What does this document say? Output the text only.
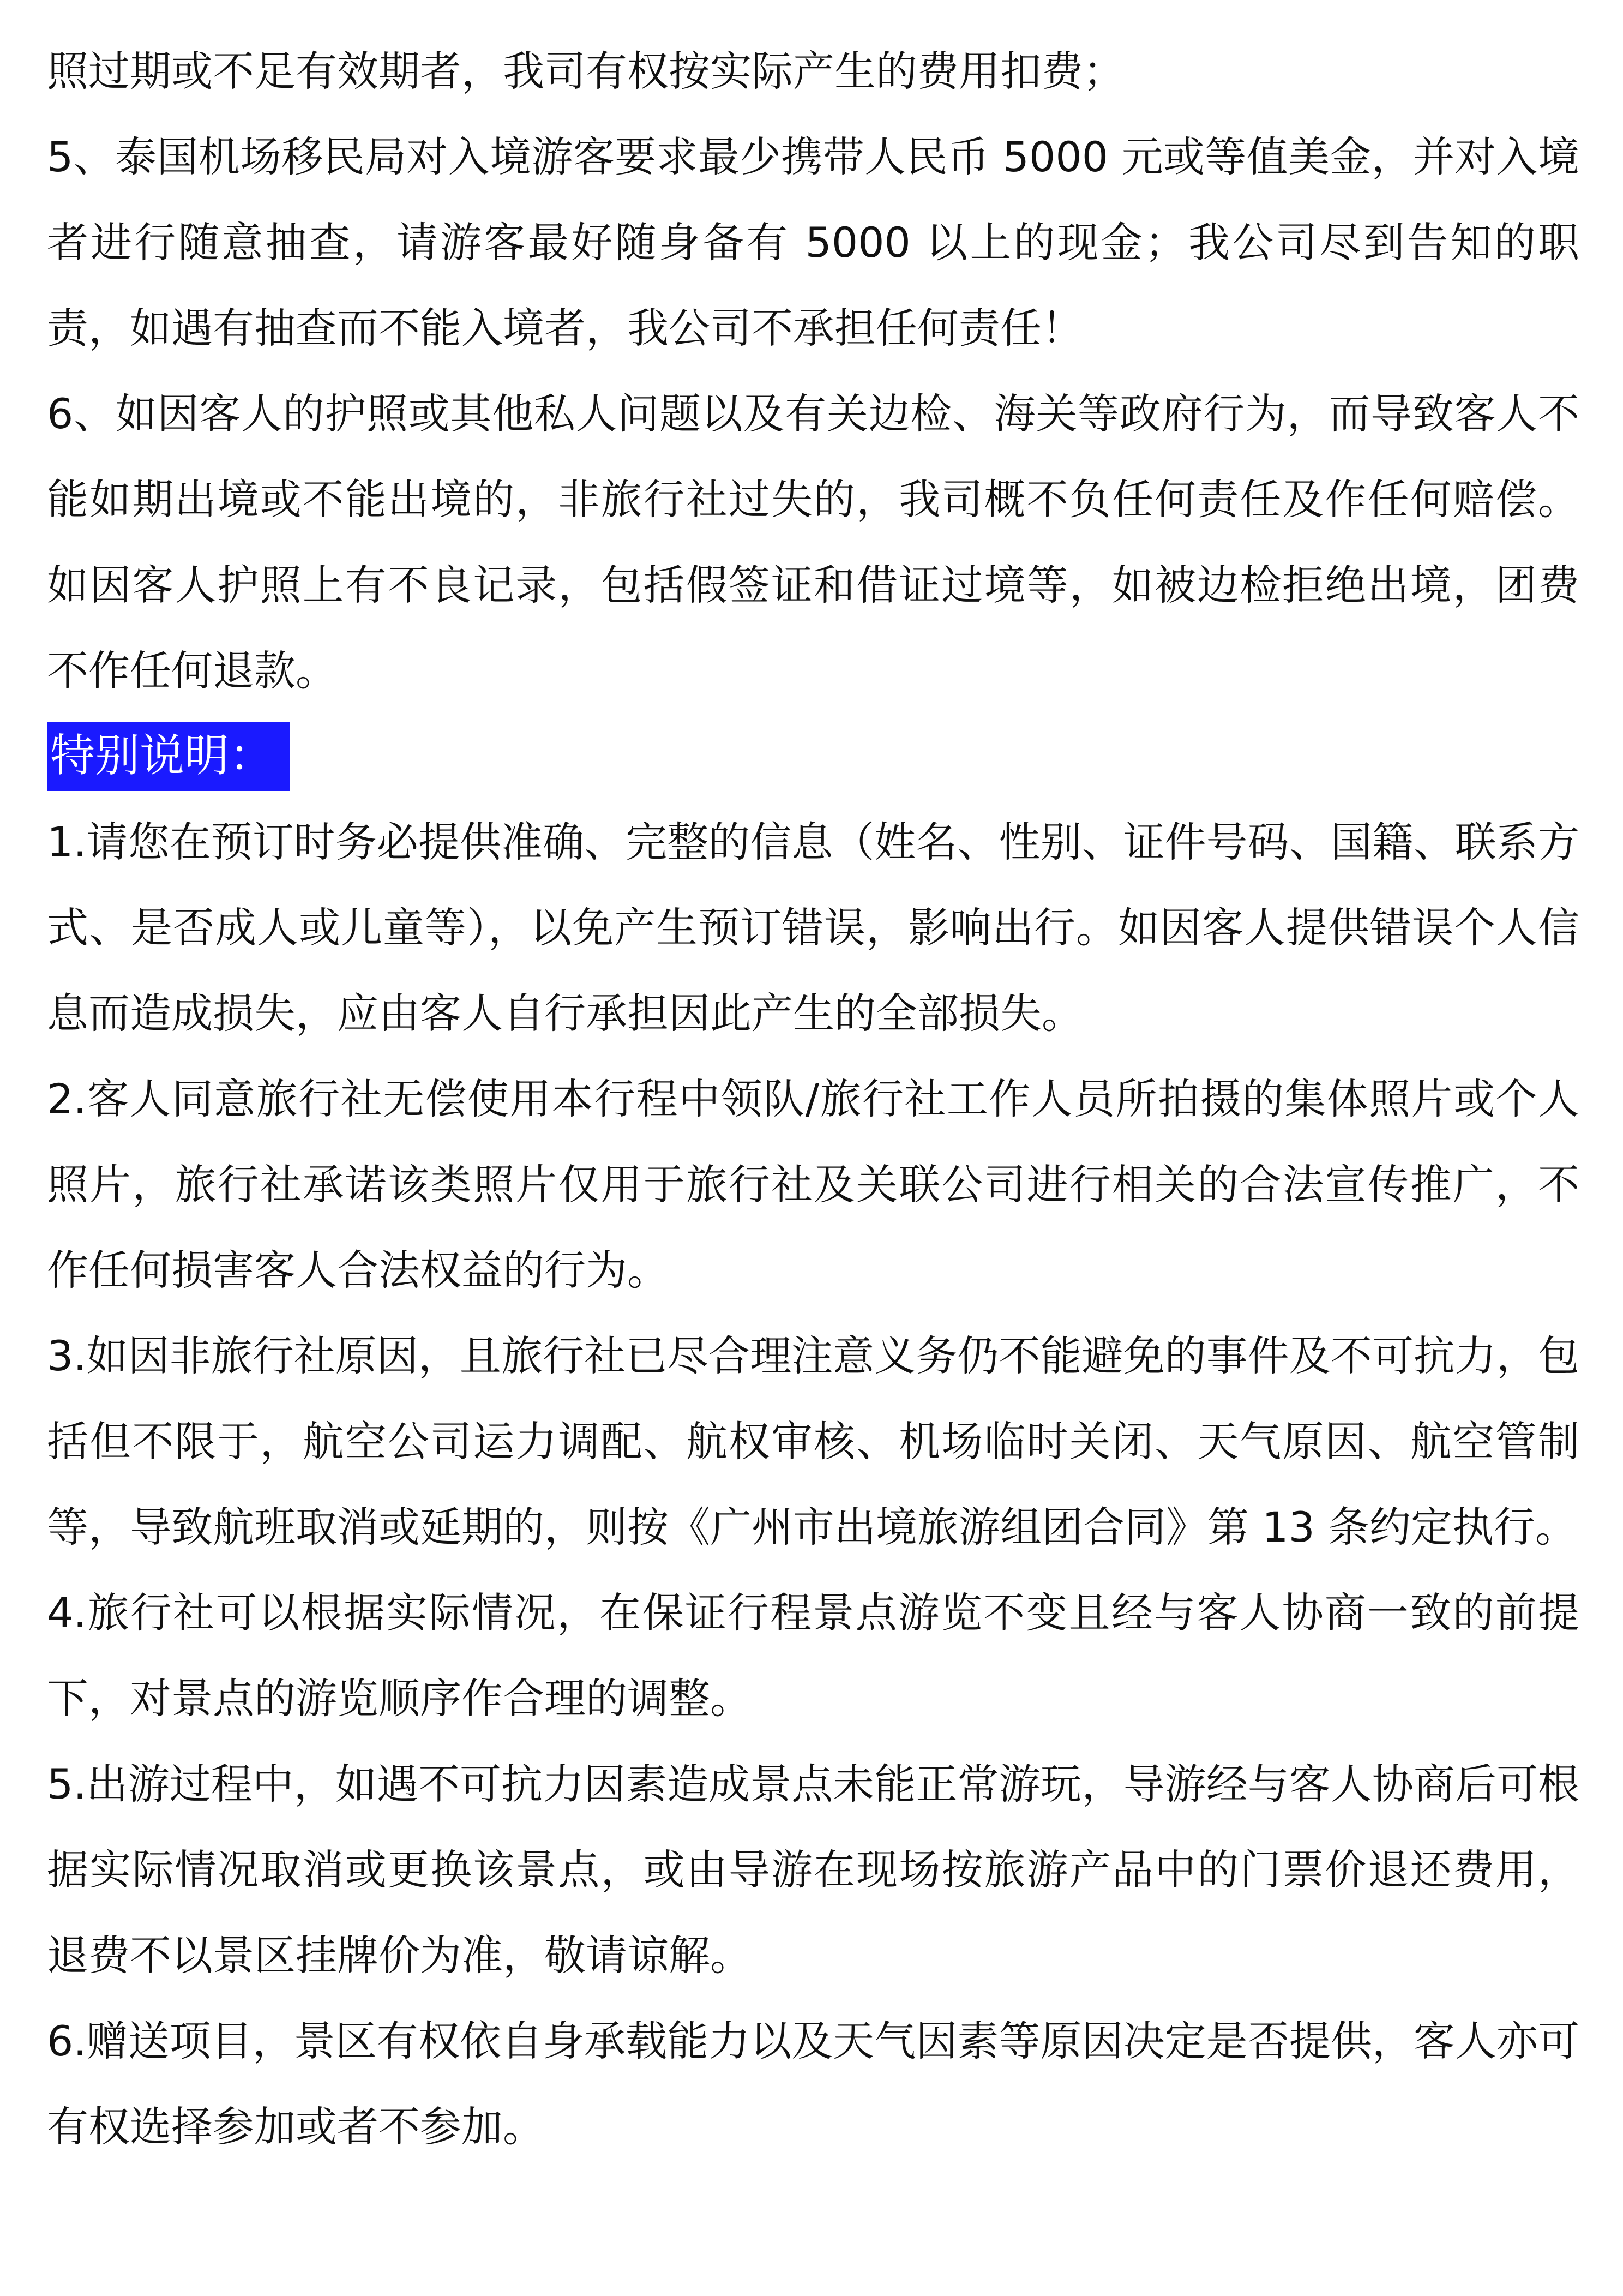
照过期或不足有效期者，我司有权按实际产生的费用扣费；

5、泰国机场移民局对入境游客要求最少携带人民币 5000 元或等值美金，并对入境者进行随意抽查，请游客最好随身备有 5000 以上的现金；我公司尽到告知的职责，如遇有抽查而不能入境者，我公司不承担任何责任！

6、如因客人的护照或其他私人问题以及有关边检、海关等政府行为，而导致客人不能如期出境或不能出境的，非旅行社过失的，我司概不负任何责任及作任何赔偿。如因客人护照上有不良记录，包括假签证和借证过境等，如被边检拒绝出境，团费不作任何退款。

特别说明：

1.请您在预订时务必提供准确、完整的信息（姓名、性别、证件号码、国籍、联系方式、是否成人或儿童等），以免产生预订错误，影响出行。如因客人提供错误个人信息而造成损失，应由客人自行承担因此产生的全部损失。

2.客人同意旅行社无偿使用本行程中领队/旅行社工作人员所拍摄的集体照片或个人照片，旅行社承诺该类照片仅用于旅行社及关联公司进行相关的合法宣传推广，不作任何损害客人合法权益的行为。

3.如因非旅行社原因，且旅行社已尽合理注意义务仍不能避免的事件及不可抗力，包括但不限于，航空公司运力调配、航权审核、机场临时关闭、天气原因、航空管制等，导致航班取消或延期的，则按《广州市出境旅游组团合同》第 13 条约定执行。

4.旅行社可以根据实际情况，在保证行程景点游览不变且经与客人协商一致的前提下，对景点的游览顺序作合理的调整。

5.出游过程中，如遇不可抗力因素造成景点未能正常游玩，导游经与客人协商后可根据实际情况取消或更换该景点，或由导游在现场按旅游产品中的门票价退还费用，退费不以景区挂牌价为准，敬请谅解。

6.赠送项目，景区有权依自身承载能力以及天气因素等原因决定是否提供，客人亦可有权选择参加或者不参加。
